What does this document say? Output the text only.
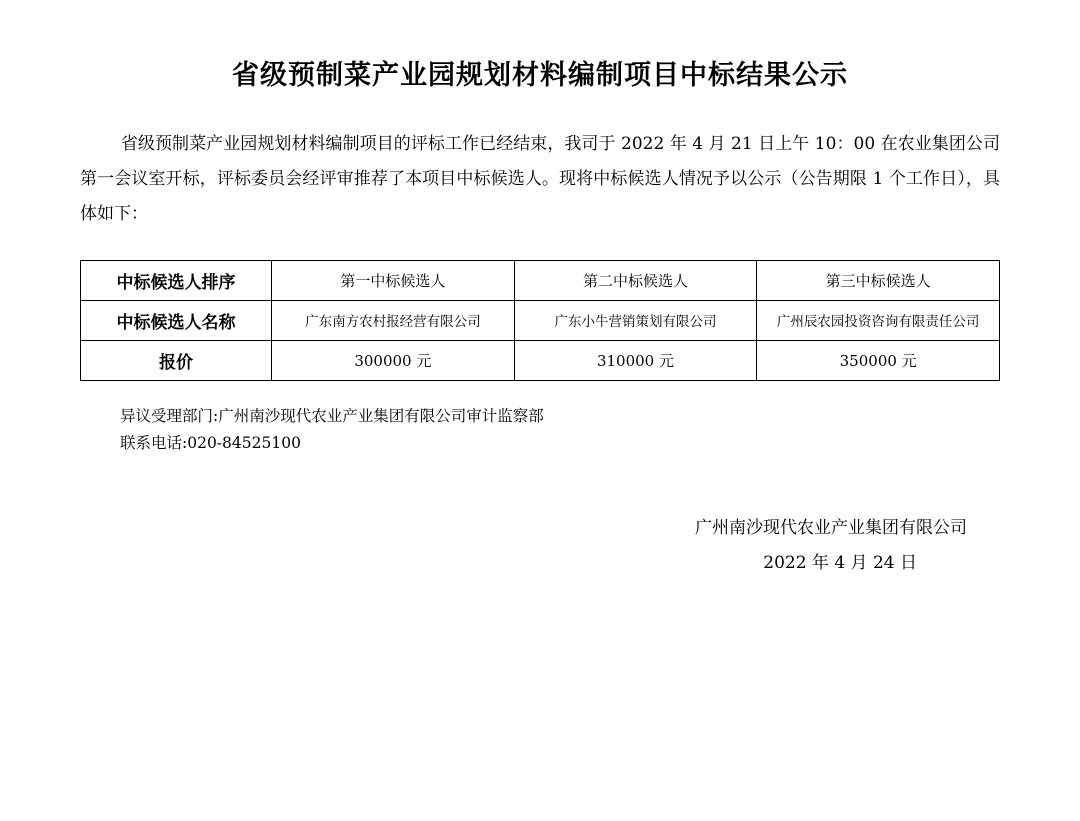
省级预制菜产业园规划材料编制项目中标结果公示
省级预制菜产业园规划材料编制项目的评标工作已经结束，我司于 2022 年 4 月 21 日上午 10：00 在农业集团公司第一会议室开标，评标委员会经评审推荐了本项目中标候选人。现将中标候选人情况予以公示（公告期限 1 个工作日），具体如下：
中标候选人排序	第一中标候选人	第二中标候选人	第三中标候选人
中标候选人名称	广东南方农村报经营有限公司	广东小牛营销策划有限公司	广州辰农园投资咨询有限责任公司
报价	300000 元	310000 元	350000 元
异议受理部门:广州南沙现代农业产业集团有限公司审计监察部
联系电话:020-84525100
广州南沙现代农业产业集团有限公司
2022 年 4 月 24 日
